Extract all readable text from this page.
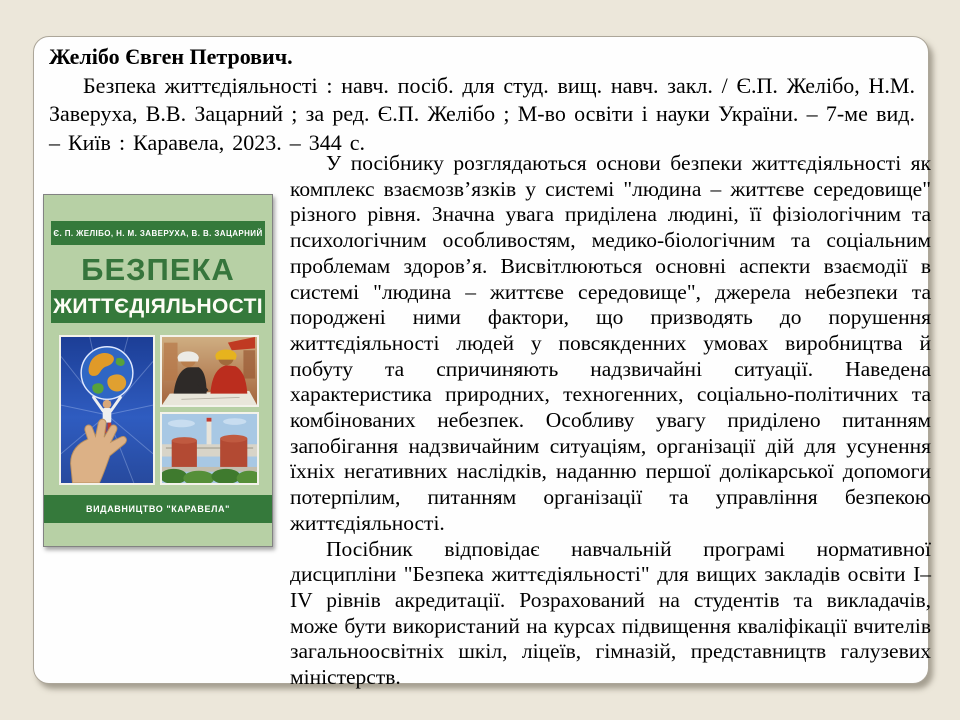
Желібо Євген Петрович.

Безпека життєдіяльності : навч. посіб. для студ. вищ. навч. закл. / Є.П. Желібо, Н.М. Заверуха, В.В. Зацарний ; за ред. Є.П. Желібо ; М-во освіти і науки України. – 7-ме вид. – Київ : Каравела, 2023. – 344 с.

Є. П. ЖЕЛІБО, Н. М. ЗАВЕРУХА, В. В. ЗАЦАРНИЙ
БЕЗПЕКА
ЖИТТЄДІЯЛЬНОСТІ
ВИДАВНИЦТВО "КАРАВЕЛА"

У посібнику розглядаються основи безпеки життєдіяльності як комплекс взаємозв’язків у системі "людина – життєве середовище" різного рівня. Значна увага приділена людині, її фізіологічним та психологічним особливостям, медико-біологічним та соціальним проблемам здоров’я. Висвітлюються основні аспекти взаємодії в системі "людина – життєве середовище", джерела небезпеки та породжені ними фактори, що призводять до порушення життєдіяльності людей у повсякденних умовах виробництва й побуту та спричиняють надзвичайні ситуації. Наведена характеристика природних, техногенних, соціально-політичних та комбінованих небезпек. Особливу увагу приділено питанням запобігання надзвичайним ситуаціям, організації дій для усунення їхніх негативних наслідків, наданню першої долікарської допомоги потерпілим, питанням організації та управління безпекою життєдіяльності.

Посібник відповідає навчальній програмі нормативної дисципліни "Безпека життєдіяльності" для вищих закладів освіти I–IV рівнів акредитації. Розрахований на студентів та викладачів, може бути використаний на курсах підвищення кваліфікації вчителів загальноосвітніх шкіл, ліцеїв, гімназій, представництв галузевих міністерств.
